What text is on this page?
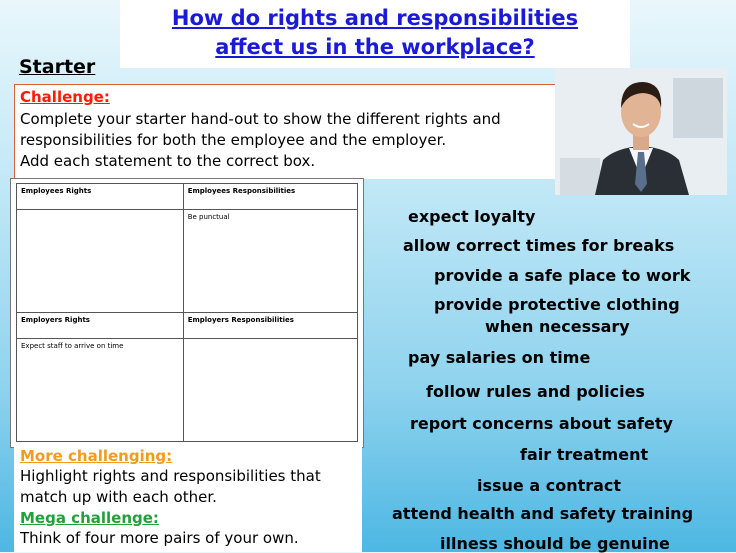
How do rights and responsibilities
affect us in the workplace?
Starter
Challenge:
Complete your starter hand-out to show the different rights and
responsibilities for both the employee and the employer.
Add each statement to the correct box.
Employees Rights	Employees Responsibilities
	Be punctual
Employers Rights	Employers Responsibilities
Expect staff to arrive on time	
expect loyalty
allow correct times for breaks
provide a safe place to work
provide protective clothing
when necessary
pay salaries on time
follow rules and policies
report concerns about safety
fair treatment
issue a contract
attend health and safety training
illness should be genuine
More challenging:
Highlight rights and responsibilities that
match up with each other.
Mega challenge:
Think of four more pairs of your own.
